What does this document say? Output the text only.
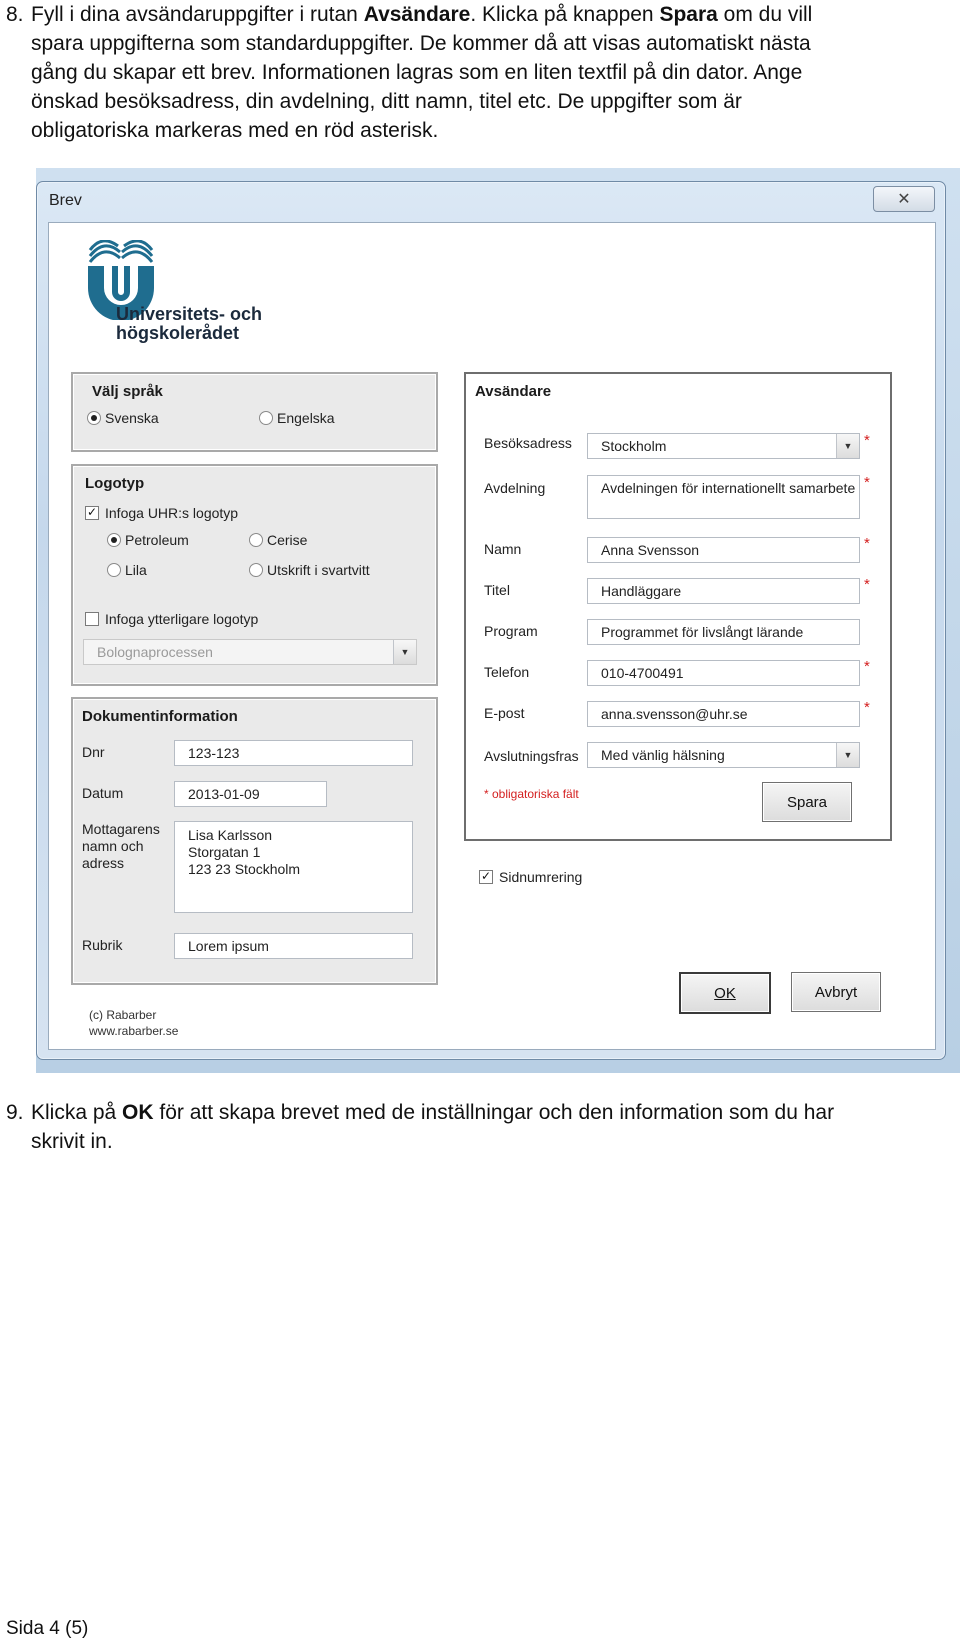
8. Fyll i dina avsändaruppgifter i rutan Avsändare. Klicka på knappen Spara om du vill spara uppgifterna som standarduppgifter. De kommer då att visas automatiskt nästa gång du skapar ett brev. Informationen lagras som en liten textfil på din dator. Ange önskad besöksadress, din avdelning, ditt namn, titel etc. De uppgifter som är obligatoriska markeras med en röd asterisk.
Brev	✕
Universitets- och
högskolerådet
Välj språk
Svenska	Engelska
Logotyp
✓ Infoga UHR:s logotyp
Petroleum	Cerise
Lila	Utskrift i svartvitt
Infoga ytterligare logotyp
Bolognaprocessen	▼
Dokumentinformation
Dnr	123-123
Datum	2013-01-09
Mottagarens
namn och
adress
Lisa Karlsson
Storgatan 1
123 23 Stockholm
Rubrik	Lorem ipsum
Avsändare
Besöksadress	Stockholm	▼ *
Avdelning	Avdelningen för internationellt samarbete *
Namn	Anna Svensson	*
Titel	Handläggare	*
Program	Programmet för livslångt lärande
Telefon	010-4700491	*
E-post	anna.svensson@uhr.se	*
Avslutningsfras	Med vänlig hälsning	▼
* obligatoriska fält	Spara
✓ Sidnumrering
OK	Avbryt
(c) Rabarber
www.rabarber.se
9. Klicka på OK för att skapa brevet med de inställningar och den information som du har skrivit in.
Sida 4 (5)
